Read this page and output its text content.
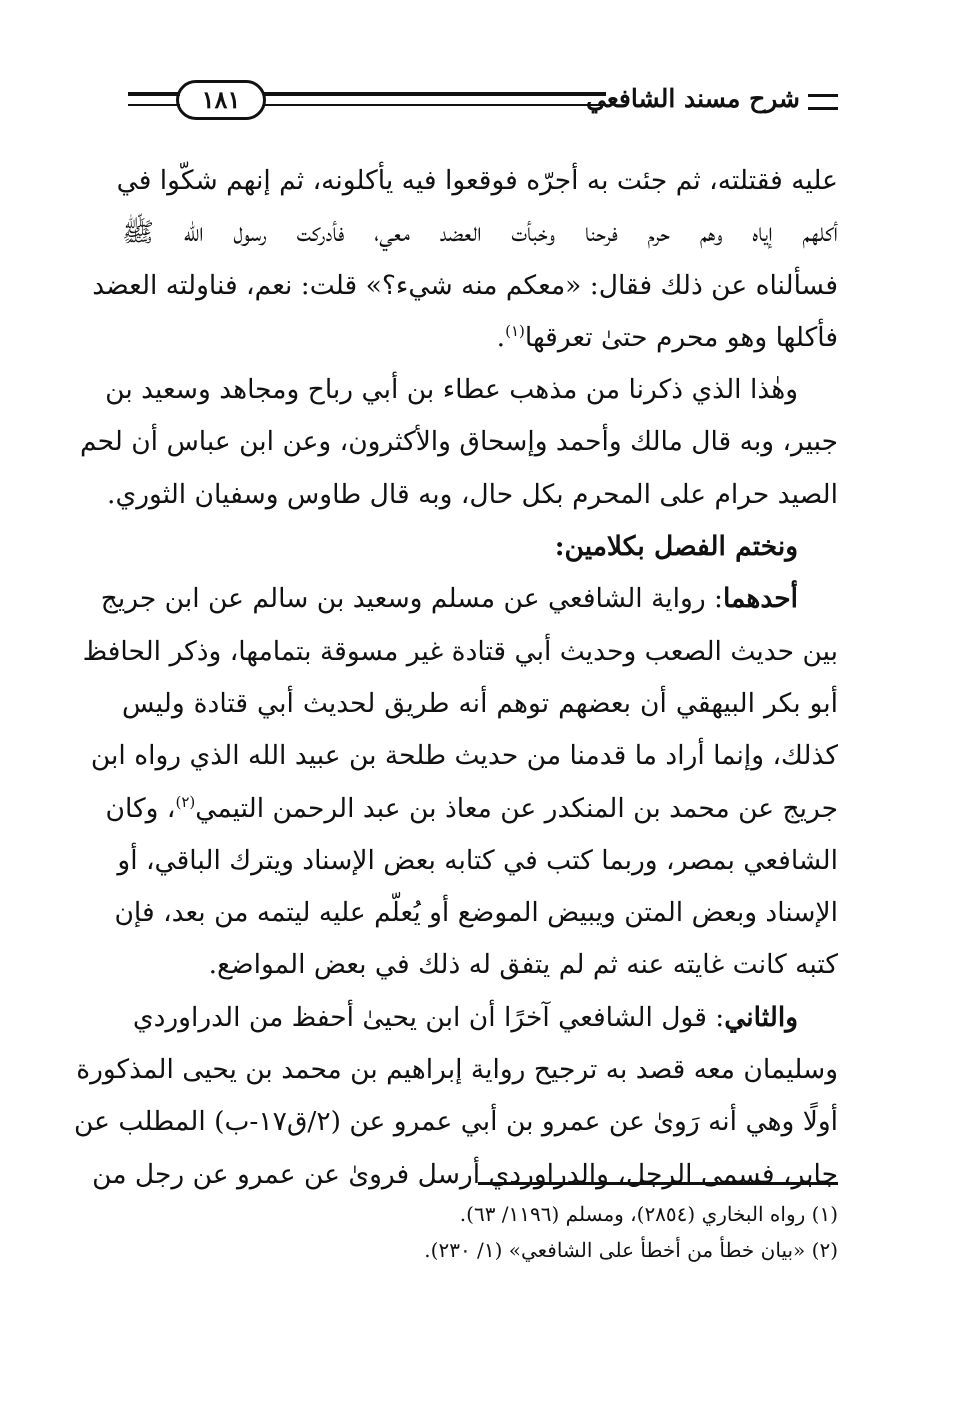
شرح مسند الشافعي
١٨١
عليه فقتلته، ثم جئت به أجرّه فوقعوا فيه يأكلونه، ثم إنهم شكّوا في
أكلهم إياه وهم حرم فرحنا وخبأت العضد معي، فأدركت رسول الله ﷺ
فسألناه عن ذلك فقال: «معكم منه شيء؟» قلت: نعم، فناولته العضد
فأكلها وهو محرم حتىٰ تعرقها$^{(١)}$.
وهٰذا الذي ذكرنا من مذهب عطاء بن أبي رباح ومجاهد وسعيد بن
جبير، وبه قال مالك وأحمد وإسحاق والأكثرون، وعن ابن عباس أن لحم
الصيد حرام على المحرم بكل حال، وبه قال طاوس وسفيان الثوري.
ونختم الفصل بكلامين:
أحدهما: رواية الشافعي عن مسلم وسعيد بن سالم عن ابن جريج
بين حديث الصعب وحديث أبي قتادة غير مسوقة بتمامها، وذكر الحافظ
أبو بكر البيهقي أن بعضهم توهم أنه طريق لحديث أبي قتادة وليس
كذلك، وإنما أراد ما قدمنا من حديث طلحة بن عبيد الله الذي رواه ابن
جريج عن محمد بن المنكدر عن معاذ بن عبد الرحمن التيمي$^{(٢)}$، وكان
الشافعي بمصر، وربما كتب في كتابه بعض الإسناد ويترك الباقي، أو
الإسناد وبعض المتن ويبيض الموضع أو يُعلّم عليه ليتمه من بعد، فإن
كتبه كانت غايته عنه ثم لم يتفق له ذلك في بعض المواضع.
والثاني: قول الشافعي آخرًا أن ابن يحيىٰ أحفظ من الدراوردي
وسليمان معه قصد به ترجيح رواية إبراهيم بن محمد بن يحيى المذكورة
أولًا وهي أنه رَوىٰ عن عمرو بن أبي عمرو عن (٢/ق١٧-ب) المطلب عن
جابر، فسمى الرجل، والدراوردي أرسل فروىٰ عن عمرو عن رجل من
(١) رواه البخاري (٢٨٥٤)، ومسلم (١١٩٦/ ٦٣).
(٢) «بيان خطأ من أخطأ على الشافعي» (١/ ٢٣٠).
